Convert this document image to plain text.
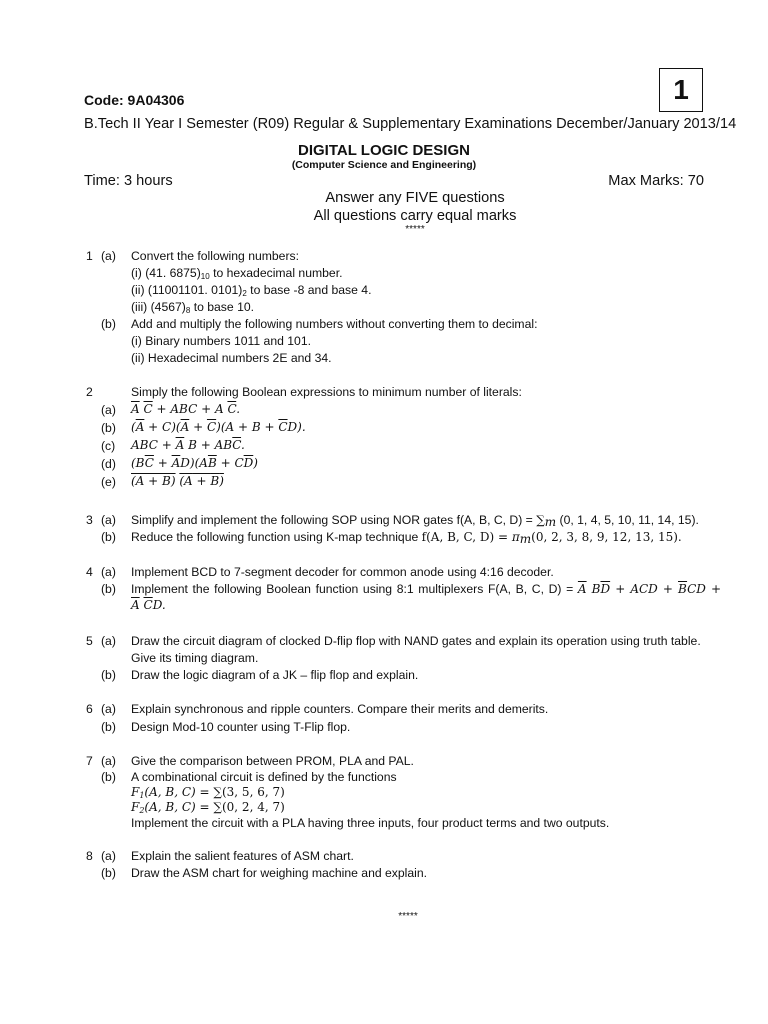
Code: 9A04306	1
B.Tech II Year I Semester (R09) Regular & Supplementary Examinations December/January 2013/14
DIGITAL LOGIC DESIGN
(Computer Science and Engineering)
Time: 3 hours	Max Marks: 70
Answer any FIVE questions
All questions carry equal marks
*****
1 (a) Convert the following numbers:
(i) (41. $6875)_{10}$ to hexadecimal number.
(ii) (11001101. $0101)_2$ to base -8 and base 4.
(iii) $(4567)_8$ to base 10.
(b) Add and multiply the following numbers without converting them to decimal:
(i) Binary numbers 1011 and 101.
(ii) Hexadecimal numbers 2E and 34.
2	Simply the following Boolean expressions to minimum number of literals:
(a) $\overline{A}$ $\overline{C}$ + ABC + A $\overline{C}$.
(b) $(\overline{A} + C)(\overline{A} + \overline{C})(A + B + \overline{C}D)$.
(c) ABC + $\overline{A}$ $B + AB\overline{C}$.
(d) $(B\overline{C} + \overline{A}D)(A\overline{B} + C\overline{D})$
(e) (A + B) (A + B)
3 (a) Simplify and implement the following SOP using NOR gates f(A, B, C, $D) = \sum_m$ (0, 1, 4, 5, 10, 11, 14, 15).
(b) Reduce the following function using K-map technique f(A, B, C, $D) = \pi_m(0$, 2, 3, 8, 9, 12, 13, 15).
4 (a) Implement BCD to 7-segment decoder for common anode using 4:16 decoder.
(b) Implement the following Boolean function using 8:1 multiplexers F(A, B, C, $D) = \overline{A}$ $B\overline{D}$ + ACD + $\overline{B}CD$ +
$\overline{A}$ $\overline{C}D$.
5 (a) Draw the circuit diagram of clocked D-flip flop with NAND gates and explain its operation using truth table.
Give its timing diagram.
(b) Draw the logic diagram of a JK – flip flop and explain.
6 (a) Explain synchronous and ripple counters. Compare their merits and demerits.
(b) Design Mod-10 counter using T-Flip flop.
7 (a) Give the comparison between PROM, PLA and PAL.
(b) A combinational circuit is defined by the functions
$F_1(A$, B, C) = ∑(3, 5, 6, 7)
$F_2(A$, B, C) = ∑(0, 2, 4, 7)
Implement the circuit with a PLA having three inputs, four product terms and two outputs.
8 (a) Explain the salient features of ASM chart.
(b) Draw the ASM chart for weighing machine and explain.
*****
